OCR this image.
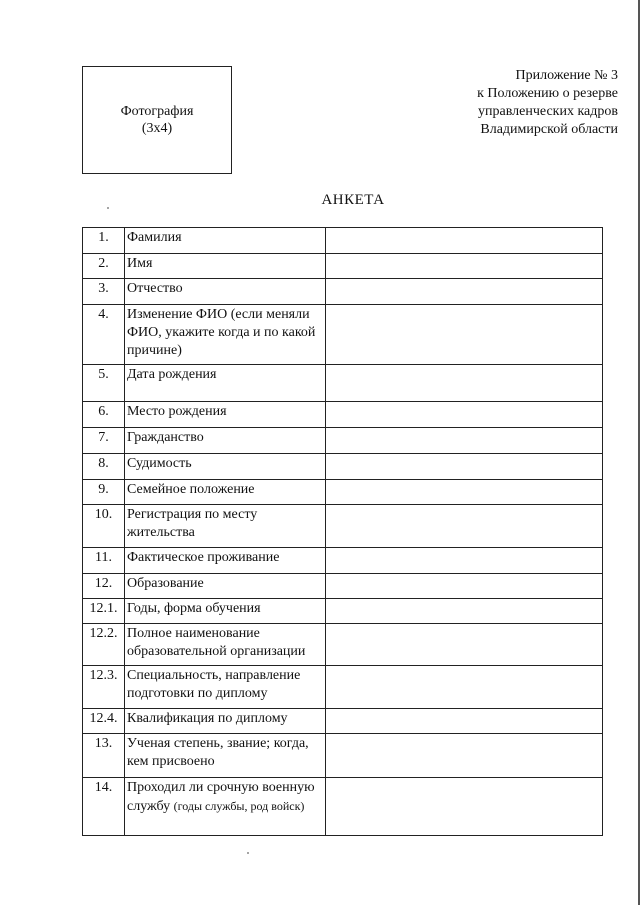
Фотография
(3x4)
Приложение № 3
к Положению о резерве
управленческих кадров
Владимирской области
АНКЕТА
1.	Фамилия	
2.	Имя	
3.	Отчество	
4.	Изменение ФИО (если меняли ФИО, укажите когда и по какой причине)	
5.	Дата рождения	
6.	Место рождения	
7.	Гражданство	
8.	Судимость	
9.	Семейное положение	
10.	Регистрация по месту жительства	
11.	Фактическое проживание	
12.	Образование	
12.1.	Годы, форма обучения	
12.2.	Полное наименование образовательной организации	
12.3.	Специальность, направление подготовки по диплому	
12.4.	Квалификация по диплому	
13.	Ученая степень, звание; когда, кем присвоено	
14.	Проходил ли срочную военную службу (годы службы, род войск)	
